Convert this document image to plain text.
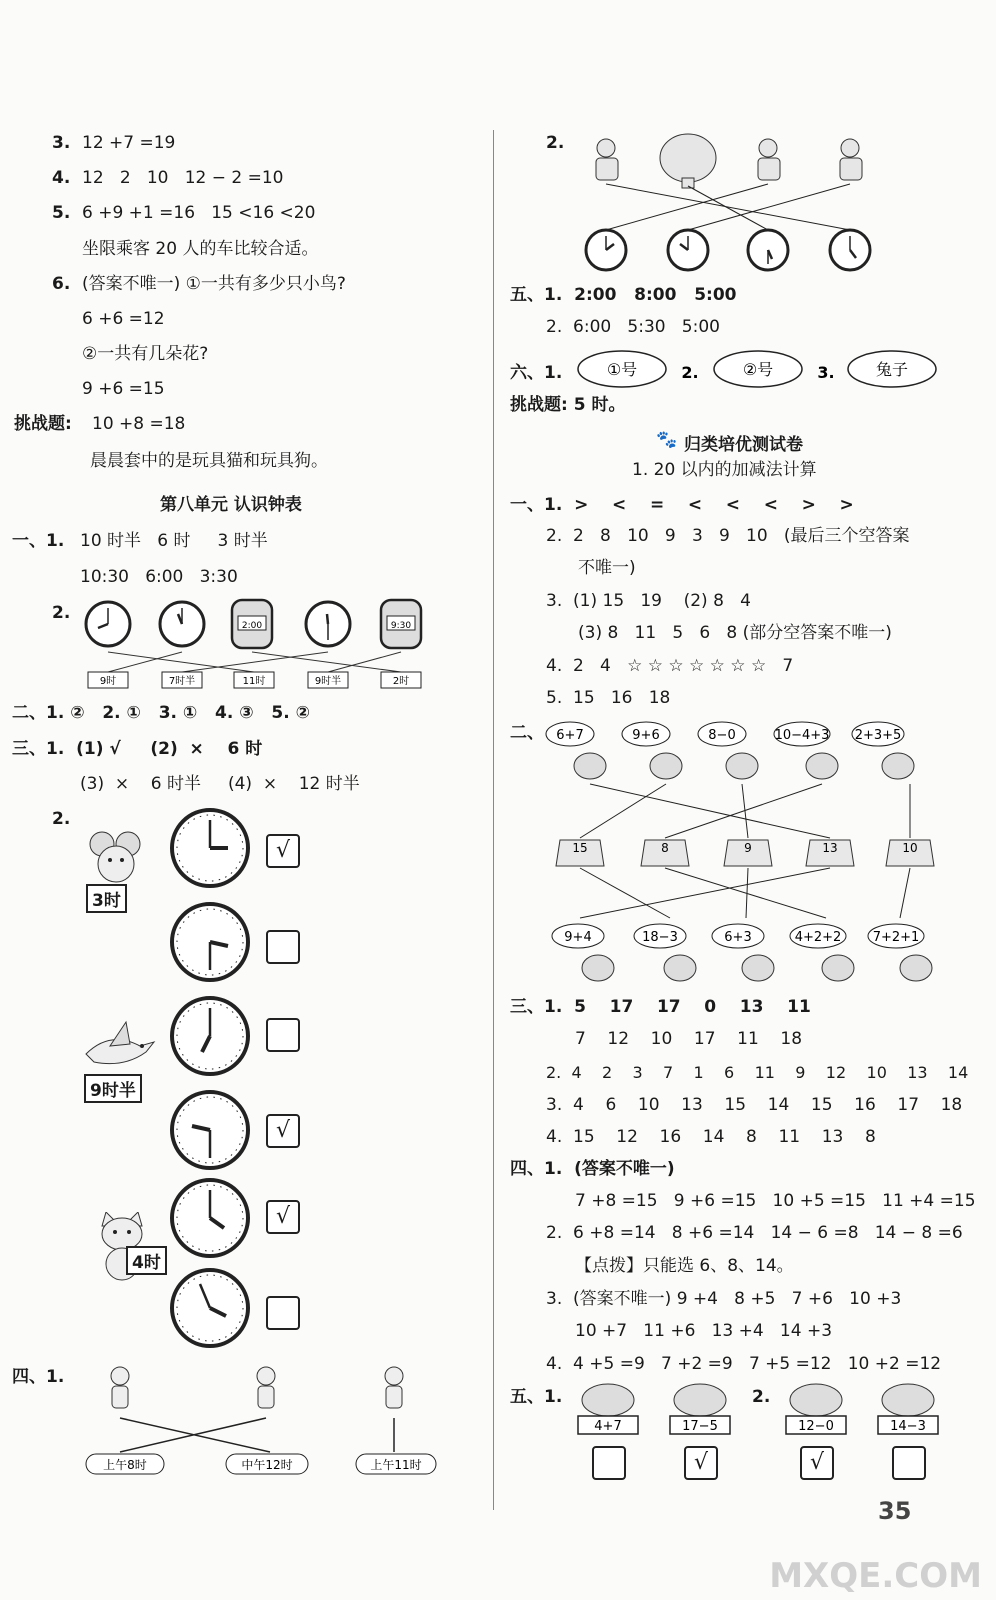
3. 12 +7 =19
4. 12   2   10   12 − 2 =10
5. 6 +9 +1 =16   15 <16 <20
坐限乘客 20 人的车比较合适。
6. (答案不唯一) ①一共有多少只小鸟?
6 +6 =12
②一共有几朵花?
9 +6 =15
挑战题: 10 +8 =18
晨晨套中的是玩具猫和玩具狗。
第八单元 认识钟表
一、1. 10 时半   6 时     3 时半
10:30   6:00   3:30
2.
2:00	9:30
9时	7时半	11时	9时半	2时
二、1. ②   2. ①   3. ①   4. ③   5. ②
三、1.  (1) √     (2)  ×    6 时
(3)  ×    6 时半     (4)  ×    12 时半
2.
3时
9时半
4时
√
√
√
四、1.
上午8时	中午12时	上午11时
2.
五、1.  2:00   8:00   5:00
2.  6:00   5:30   5:00
六、1.	①号	2.	②号	3.	兔子
挑战题: 5 时。
🐾 归类培优测试卷
1. 20 以内的加减法计算
一、1.  >    <    =    <    <    <    >    >
2.  2   8   10   9   3   9   10   (最后三个空答案
不唯一)
3.  (1) 15   19    (2) 8   4
(3) 8   11   5   6   8 (部分空答案不唯一)
4.  2   4   ☆ ☆ ☆ ☆ ☆ ☆ ☆   7
5.  15   16   18
二、 6+7	9+6	8−0	10−4+3 2+3+5
15	8	9	13	10
9+4	18−3	6+3	4+2+2 7+2+1
三、1.  5    17    17    0    13    11
7    12    10    17    11    18
2.  4    2    3    7    1    6    11    9    12    10    13    14
3.  4    6    10    13    15    14    15    16    17    18
4.  15    12    16    14    8    11    13    8
四、1.  (答案不唯一)
7 +8 =15   9 +6 =15   10 +5 =15   11 +4 =15
2.  6 +8 =14   8 +6 =14   14 − 6 =8   14 − 8 =6
【点拨】只能选 6、8、14。
3.  (答案不唯一) 9 +4   8 +5   7 +6   10 +3
10 +7   11 +6   13 +4   14 +3
4.  4 +5 =9   7 +2 =9   7 +5 =12   10 +2 =12
五、1.	2.
4+7	17−5	12−0	14−3
√	√
35
MXQE.COM
